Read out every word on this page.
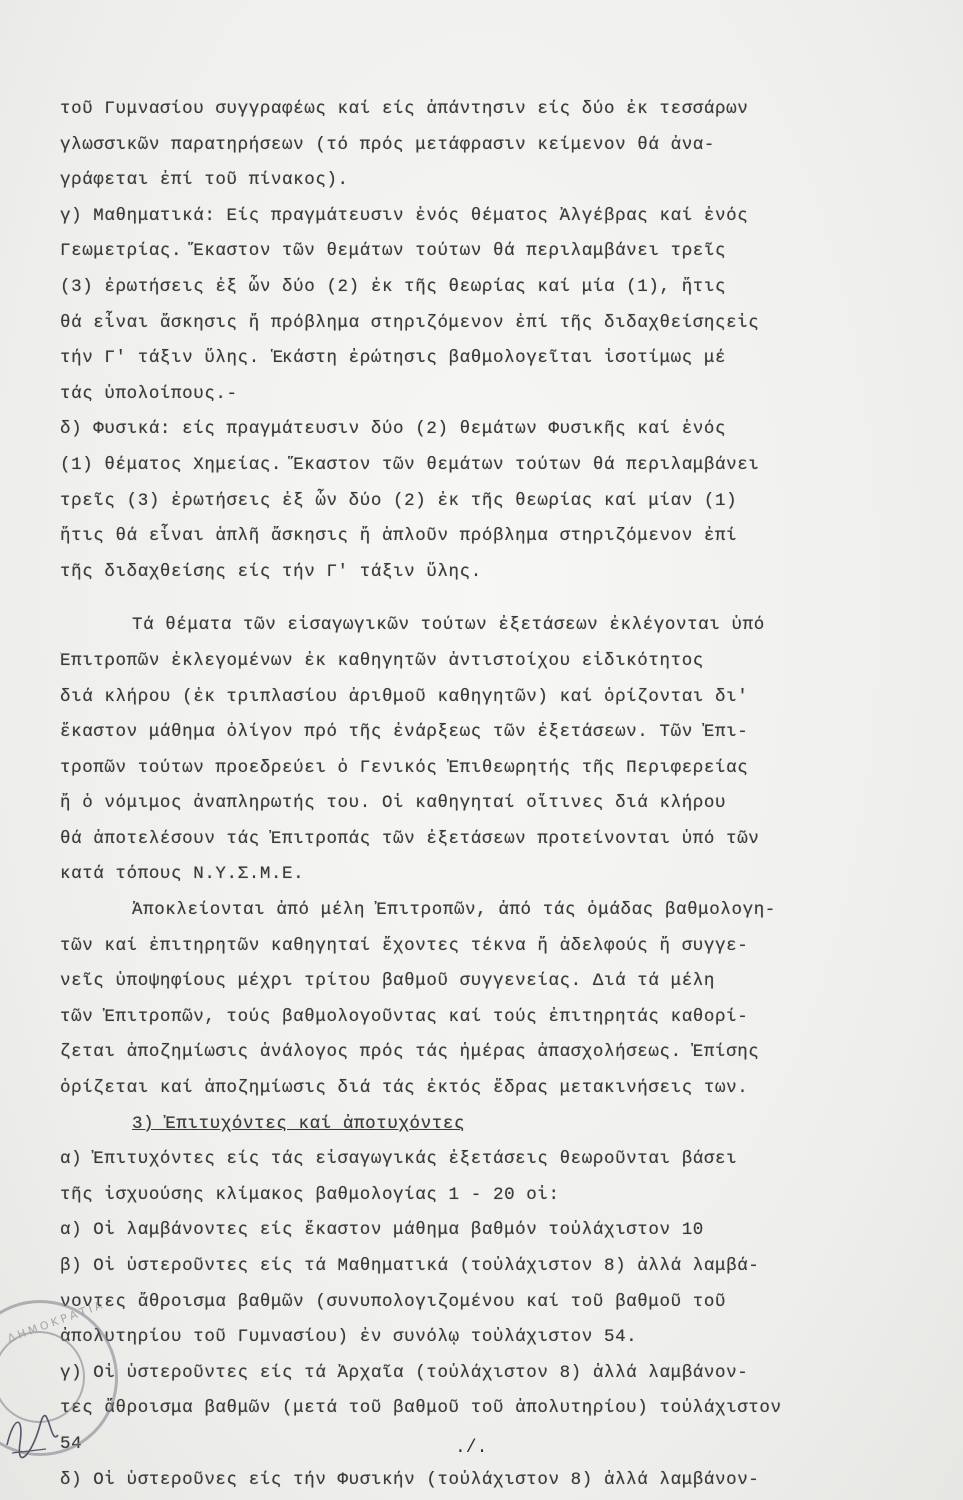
τοῦ Γυμνασίου συγγραφέως καί είς ἀπάντησιν είς δύο ἐκ τεσσάρων
γλωσσικῶν παρατηρήσεων (τό πρός μετάφρασιν κείμενον θά ἀνα-
γράφεται ἐπί τοῦ πίνακος).
γ) Μαθηματικά: Είς πραγμάτευσιν ἑνός θέματος Ἀλγέβρας καί ἑνός
Γεωμετρίας. Ἕκαστον τῶν θεμάτων τούτων θά περιλαμβάνει τρεῖς
(3) ἐρωτήσεις ἐξ ὧν δύο (2) ἐκ τῆς θεωρίας καί μία (1), ἥτις
θά εἶναι ἄσκησις ἤ πρόβλημα στηριζόμενον ἐπί τῆς διδαχθείσηςεἰς
τήν Γ' τάξιν ὕλης. Ἑκάστη ἐρώτησις βαθμολογεῖται ἰσοτίμως μέ
τάς ὑπολοίπους.-
δ) Φυσικά: είς πραγμάτευσιν δύο (2) θεμάτων Φυσικῆς καί ἑνός
(1) θέματος Χημείας. Ἕκαστον τῶν θεμάτων τούτων θά περιλαμβάνει
τρεῖς (3) ἐρωτήσεις ἐξ ὧν δύο (2) ἐκ τῆς θεωρίας καί μίαν (1)
ἥτις θά εἶναι ἁπλῆ ἄσκησις ἤ ἁπλοῦν πρόβλημα στηριζόμενον ἐπί
τῆς διδαχθείσης είς τήν Γ' τάξιν ὕλης.
Τά θέματα τῶν εἰσαγωγικῶν τούτων ἐξετάσεων ἐκλέγονται ὑπό
Ἐπιτροπῶν ἐκλεγομένων ἐκ καθηγητῶν ἀντιστοίχου εἰδικότητος
διά κλήρου (ἐκ τριπλασίου ἀριθμοῦ καθηγητῶν) καί ὁρίζονται δι'
ἕκαστον μάθημα ὀλίγον πρό τῆς ἐνάρξεως τῶν ἐξετάσεων. Τῶν Ἐπι-
τροπῶν τούτων προεδρεύει ὁ Γενικός Ἐπιθεωρητής τῆς Περιφερείας
ἤ ὁ νόμιμος ἀναπληρωτής του. Οἱ καθηγηταί οἵτινες διά κλήρου
θά ἀποτελέσουν τάς Ἐπιτροπάς τῶν ἐξετάσεων προτείνονται ὑπό τῶν
κατά τόπους Ν.Υ.Σ.Μ.Ε.
Ἀποκλείονται ἀπό μέλη Ἐπιτροπῶν, ἀπό τάς ὁμάδας βαθμολογη-
τῶν καί ἐπιτηρητῶν καθηγηταί ἔχοντες τέκνα ἤ ἀδελφούς ἤ συγγε-
νεῖς ὑποψηφίους μέχρι τρίτου βαθμοῦ συγγενείας. Διά τά μέλη
τῶν Ἐπιτροπῶν, τούς βαθμολογοῦντας καί τούς ἐπιτηρητάς καθορί-
ζεται ἀποζημίωσις ἀνάλογος πρός τάς ἡμέρας ἀπασχολήσεως. Ἐπίσης
ὁρίζεται καί ἀποζημίωσις διά τάς ἐκτός ἕδρας μετακινήσεις των.
3) Ἐπιτυχόντες καί ἀποτυχόντες
α) Ἐπιτυχόντες είς τάς εἰσαγωγικάς ἐξετάσεις θεωροῦνται βάσει
τῆς ἰσχυούσης κλίμακος βαθμολογίας 1 - 20 οἱ:
α) Οἱ λαμβάνοντες είς ἕκαστον μάθημα βαθμόν τοὐλάχιστον 10
β) Οἱ ὑστεροῦντες είς τά Μαθηματικά (τοὐλάχιστον 8) ἀλλά λαμβά-
νοντες ἄθροισμα βαθμῶν (συνυπολογιζομένου καί τοῦ βαθμοῦ τοῦ
ἀπολυτηρίου τοῦ Γυμνασίου) ἐν συνόλῳ τοὐλάχιστον 54.
γ) Οἱ ὑστεροῦντες είς τά Ἀρχαῖα (τοὐλάχιστον 8) ἀλλά λαμβάνον-
τες ἄθροισμα βαθμῶν (μετά τοῦ βαθμοῦ τοῦ ἀπολυτηρίου) τοὐλάχιστον
54
δ) Οἱ ὑστεροῦνες είς τήν Φυσικήν (τοὐλάχιστον 8) ἀλλά λαμβάνον-
./.
ΔΗΜΟΚΡΑΤΙΑ
